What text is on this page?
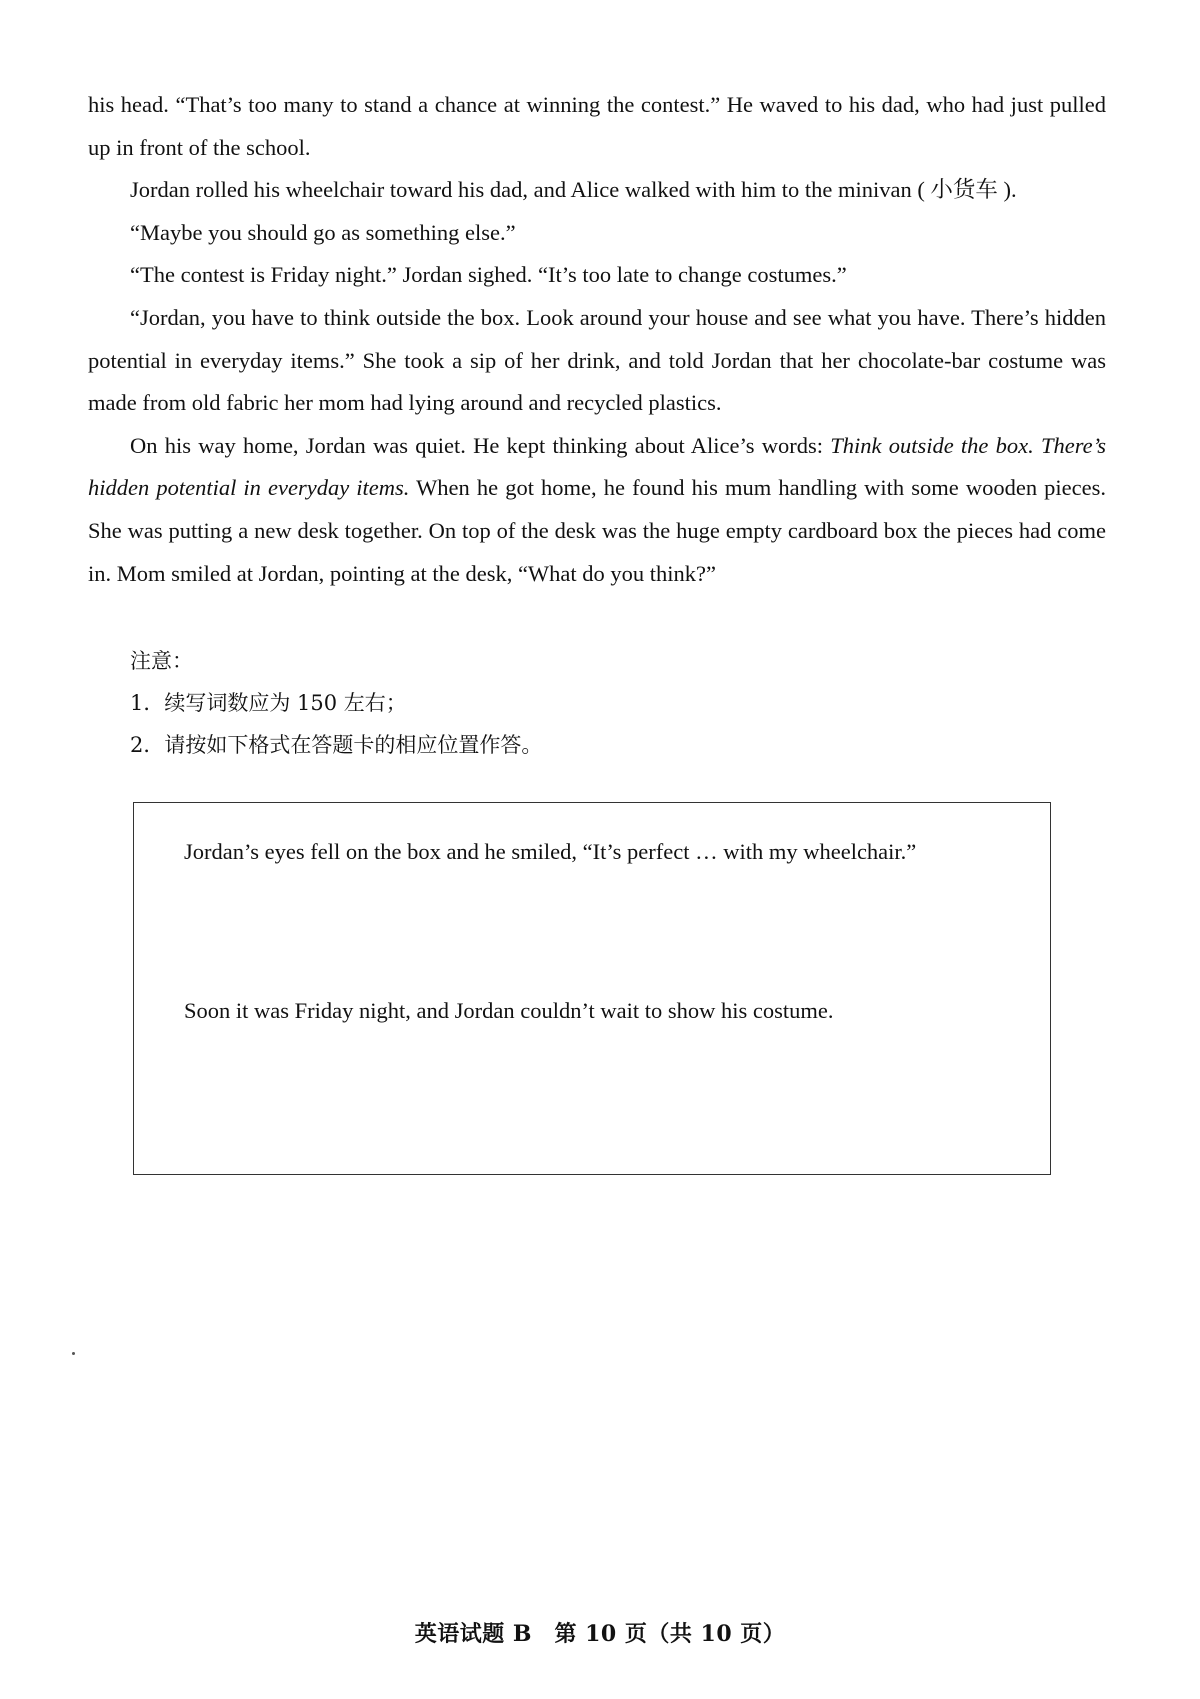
his head. “That’s too many to stand a chance at winning the contest.” He waved to his dad, who had just pulled up in front of the school.

Jordan rolled his wheelchair toward his dad, and Alice walked with him to the minivan ( 小货车 ).

“Maybe you should go as something else.”

“The contest is Friday night.” Jordan sighed. “It’s too late to change costumes.”

“Jordan, you have to think outside the box. Look around your house and see what you have. There’s hidden potential in everyday items.” She took a sip of her drink, and told Jordan that her chocolate-bar costume was made from old fabric her mom had lying around and recycled plastics.

On his way home, Jordan was quiet. He kept thinking about Alice’s words: Think outside the box. There’s hidden potential in everyday items. When he got home, he found his mum handling with some wooden pieces. She was putting a new desk together. On top of the desk was the huge empty cardboard box the pieces had come in. Mom smiled at Jordan, pointing at the desk, “What do you think?”

注意：
1．续写词数应为 150 左右；
2．请按如下格式在答题卡的相应位置作答。
Jordan’s eyes fell on the box and he smiled, “It’s perfect … with my wheelchair.”
Soon it was Friday night, and Jordan couldn’t wait to show his costume.
英语试题 B　第 10 页（共 10 页）
